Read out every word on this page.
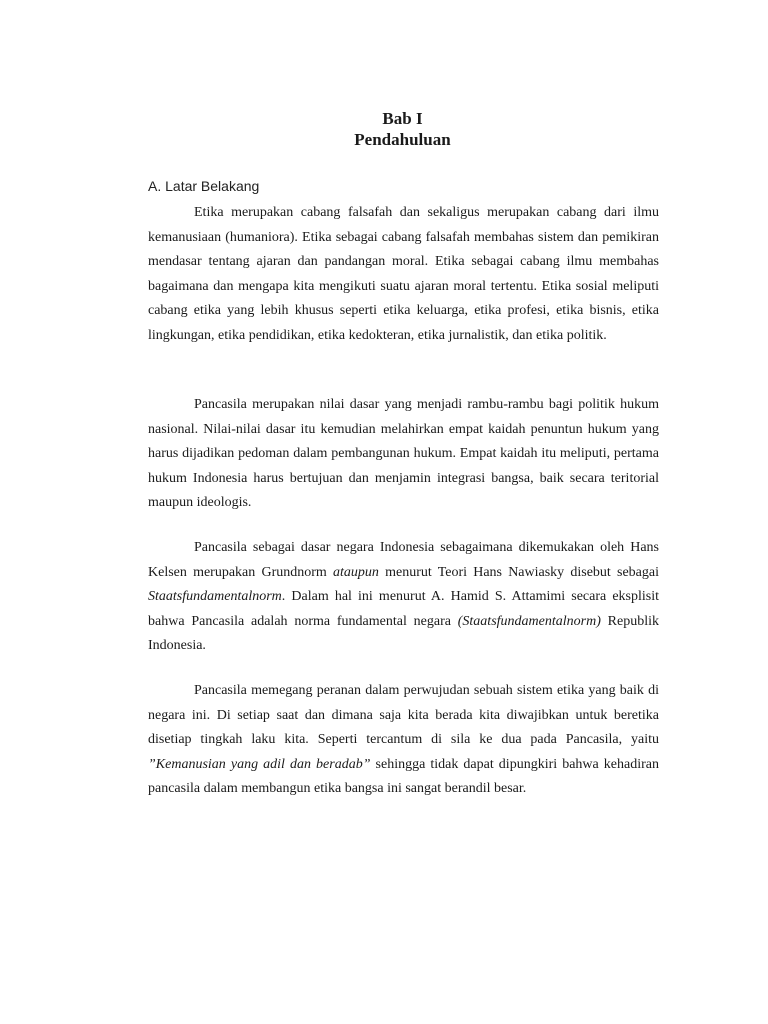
Bab I
Pendahuluan
A. Latar Belakang

Etika merupakan cabang falsafah dan sekaligus merupakan cabang dari ilmu kemanusiaan (humaniora). Etika sebagai cabang falsafah membahas sistem dan pemikiran mendasar tentang ajaran dan pandangan moral. Etika sebagai cabang ilmu membahas bagaimana dan mengapa kita mengikuti suatu ajaran moral tertentu. Etika sosial meliputi cabang etika yang lebih khusus seperti etika keluarga, etika profesi, etika bisnis, etika lingkungan, etika pendidikan, etika kedokteran, etika jurnalistik, dan etika politik.

Pancasila merupakan nilai dasar yang menjadi rambu-rambu bagi politik hukum nasional. Nilai-nilai dasar itu kemudian melahirkan empat kaidah penuntun hukum yang harus dijadikan pedoman dalam pembangunan hukum. Empat kaidah itu meliputi, pertama hukum Indonesia harus bertujuan dan menjamin integrasi bangsa, baik secara teritorial maupun ideologis.

Pancasila sebagai dasar negara Indonesia sebagaimana dikemukakan oleh Hans Kelsen merupakan Grundnorm ataupun menurut Teori Hans Nawiasky disebut sebagai Staatsfundamentalnorm. Dalam hal ini menurut A. Hamid S. Attamimi secara eksplisit bahwa Pancasila adalah norma fundamental negara (Staatsfundamentalnorm) Republik Indonesia.

Pancasila memegang peranan dalam perwujudan sebuah sistem etika yang baik di negara ini. Di setiap saat dan dimana saja kita berada kita diwajibkan untuk beretika disetiap tingkah laku kita. Seperti tercantum di sila ke dua pada Pancasila, yaitu ”Kemanusian yang adil dan beradab” sehingga tidak dapat dipungkiri bahwa kehadiran pancasila dalam membangun etika bangsa ini sangat berandil besar.
